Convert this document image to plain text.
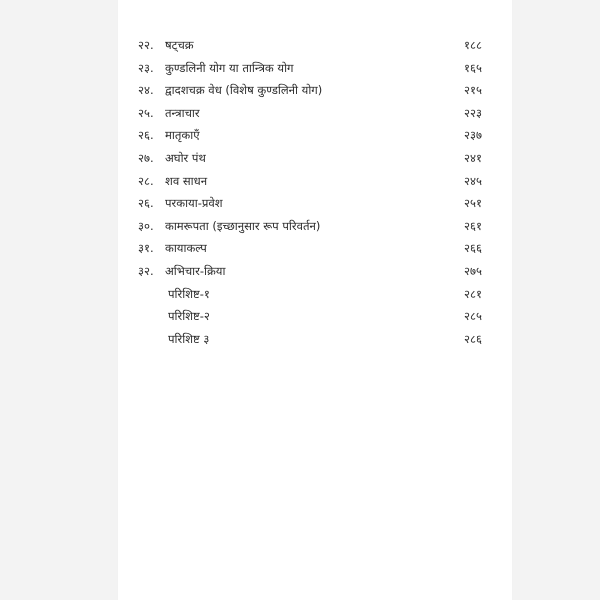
२२. षट्चक्र	१८८
२३. कुण्डलिनी योग या तान्त्रिक योग	१६५
२४. द्वादशचक्र वेध (विशेष कुण्डलिनी योग)	२१५
२५. तन्त्राचार	२२३
२६. मातृकाएँ	२३७
२७. अघोर पंथ	२४१
२८. शव साधन	२४५
२६. परकाया-प्रवेश	२५१
३०. कामरूपता (इच्छानुसार रूप परिवर्तन)	२६१
३१. कायाकल्प	२६६
३२. अभिचार-क्रिया	२७५
परिशिष्ट-१	२८१
परिशिष्ट-२	२८५
परिशिष्ट ३	२८६
